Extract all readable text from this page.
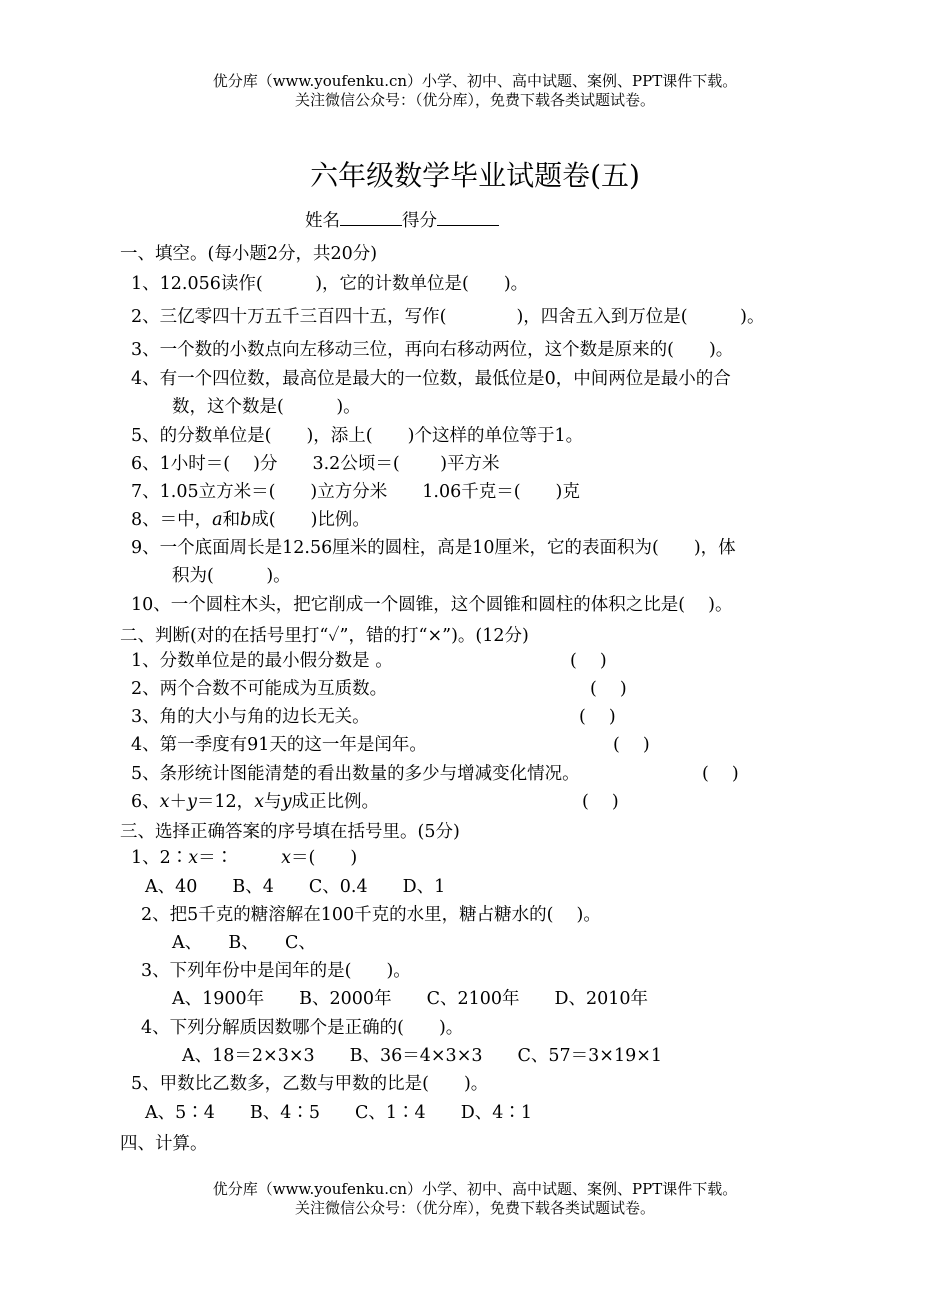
优分库（www.youfenku.cn）小学、初中、高中试题、案例、PPT课件下载。
关注微信公众号：（优分库），免费下载各类试题试卷。
六年级数学毕业试题卷(五)
姓名	得分
一、填空。(每小题2分，共20分)
1、12.056读作(　　　)，它的计数单位是(　　)。
2、三亿零四十万五千三百四十五，写作(　　　　)，四舍五入到万位是(　　　)。
3、一个数的小数点向左移动三位，再向右移动两位，这个数是原来的(　　)。
4、有一个四位数，最高位是最大的一位数，最低位是0，中间两位是最小的合
数，这个数是(　　　)。
5、的分数单位是(　　)，添上(　　)个这样的单位等于1。
6、1小时＝(　 )分　　3.2公顷＝(　　 )平方米
7、1.05立方米＝(　　)立方分米　　1.06千克＝(　　)克
8、＝中，a和b成(　　)比例。
9、一个底面周长是12.56厘米的圆柱，高是10厘米，它的表面积为(　　)，体
积为(　　　)。
10、一个圆柱木头，把它削成一个圆锥，这个圆锥和圆柱的体积之比是(　 )。
二、判断(对的在括号里打“✓”，错的打“×”)。(12分)
1、分数单位是的最小假分数是 。	(　 )
2、两个合数不可能成为互质数。	(　 )
3、角的大小与角的边长无关。	(　 )
4、第一季度有91天的这一年是闰年。	(　 )
5、条形统计图能清楚的看出数量的多少与增减变化情况。	(　 )
6、x＋y＝12，x与y成正比例。	(　 )
三、选择正确答案的序号填在括号里。(5分)
1、2∶x＝∶	x＝(　　)
A、40　　B、4　　C、0.4　　D、1
2、把5千克的糖溶解在100千克的水里，糖占糖水的(　 )。
A、　　B、　　C、
3、下列年份中是闰年的是(　　)。
A、1900年　　B、2000年　　C、2100年　　D、2010年
4、下列分解质因数哪个是正确的(　　)。
A、18＝2×3×3　　B、36＝4×3×3　　C、57＝3×19×1
5、甲数比乙数多，乙数与甲数的比是(　　)。
A、5∶4　　B、4∶5　　C、1∶4　　D、4∶1
四、计算。
优分库（www.youfenku.cn）小学、初中、高中试题、案例、PPT课件下载。
关注微信公众号：（优分库），免费下载各类试题试卷。
